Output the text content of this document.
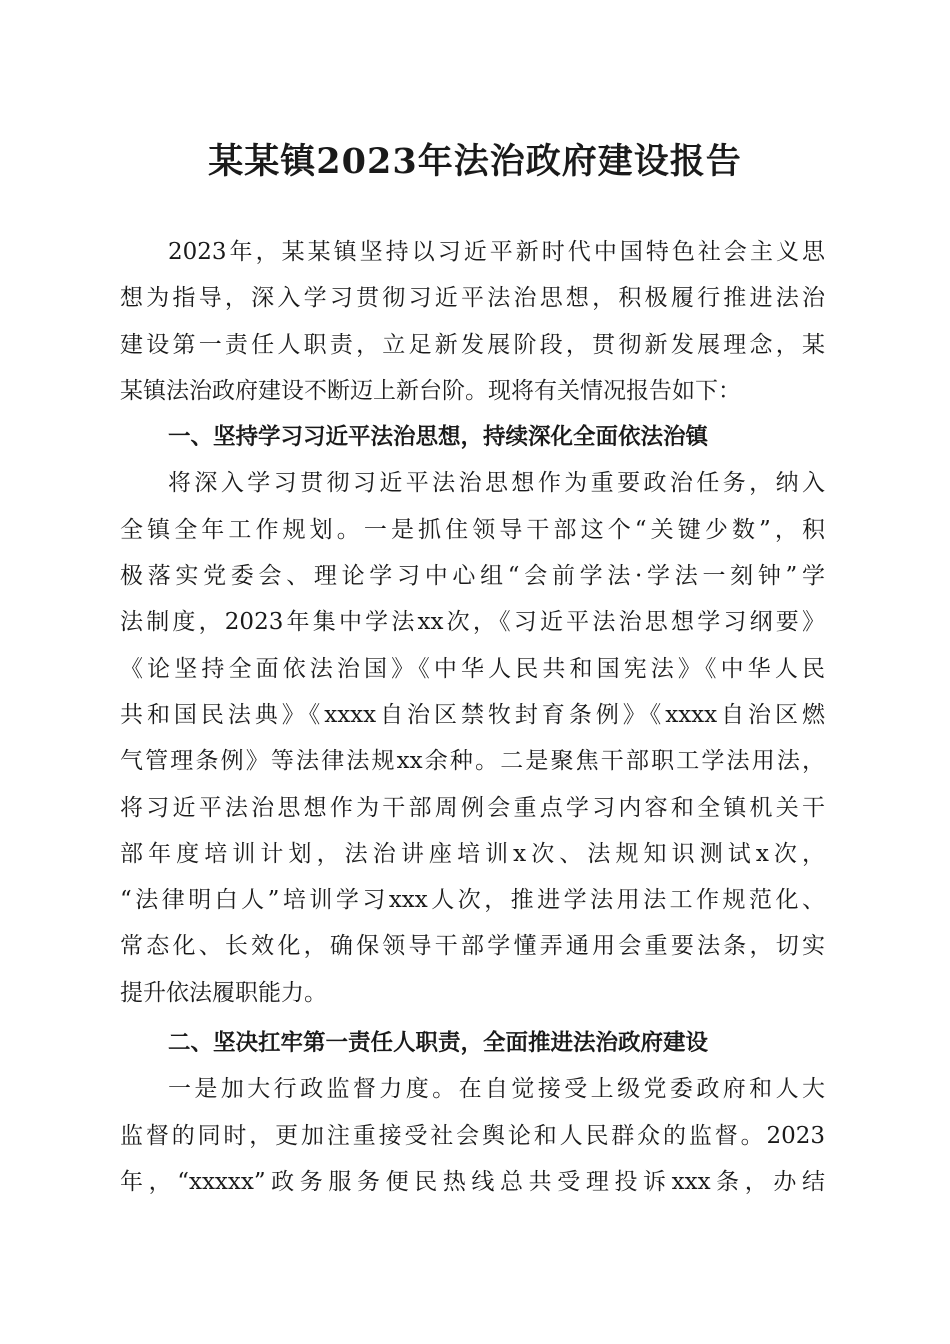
某某镇2023年法治政府建设报告
2023年，某某镇坚持以习近平新时代中国特色社会主义思
想为指导，深入学习贯彻习近平法治思想，积极履行推进法治
建设第一责任人职责，立足新发展阶段，贯彻新发展理念，某
某镇法治政府建设不断迈上新台阶。现将有关情况报告如下：
一、坚持学习习近平法治思想，持续深化全面依法治镇
将深入学习贯彻习近平法治思想作为重要政治任务，纳入
全镇全年工作规划。一是抓住领导干部这个“关键少数”，积
极落实党委会、理论学习中心组“会前学法·学法一刻钟”学
法制度，2023年集中学法xx次，《习近平法治思想学习纲要》
《论坚持全面依法治国》《中华人民共和国宪法》《中华人民
共和国民法典》《xxxx自治区禁牧封育条例》《xxxx自治区燃
气管理条例》等法律法规xx余种。二是聚焦干部职工学法用法，
将习近平法治思想作为干部周例会重点学习内容和全镇机关干
部年度培训计划，法治讲座培训x次、法规知识测试x次，
“法律明白人”培训学习xxx人次，推进学法用法工作规范化、
常态化、长效化，确保领导干部学懂弄通用会重要法条，切实
提升依法履职能力。
二、坚决扛牢第一责任人职责，全面推进法治政府建设
一是加大行政监督力度。在自觉接受上级党委政府和人大
监督的同时，更加注重接受社会舆论和人民群众的监督。2023
年，“xxxxx”政务服务便民热线总共受理投诉xxx条，办结
